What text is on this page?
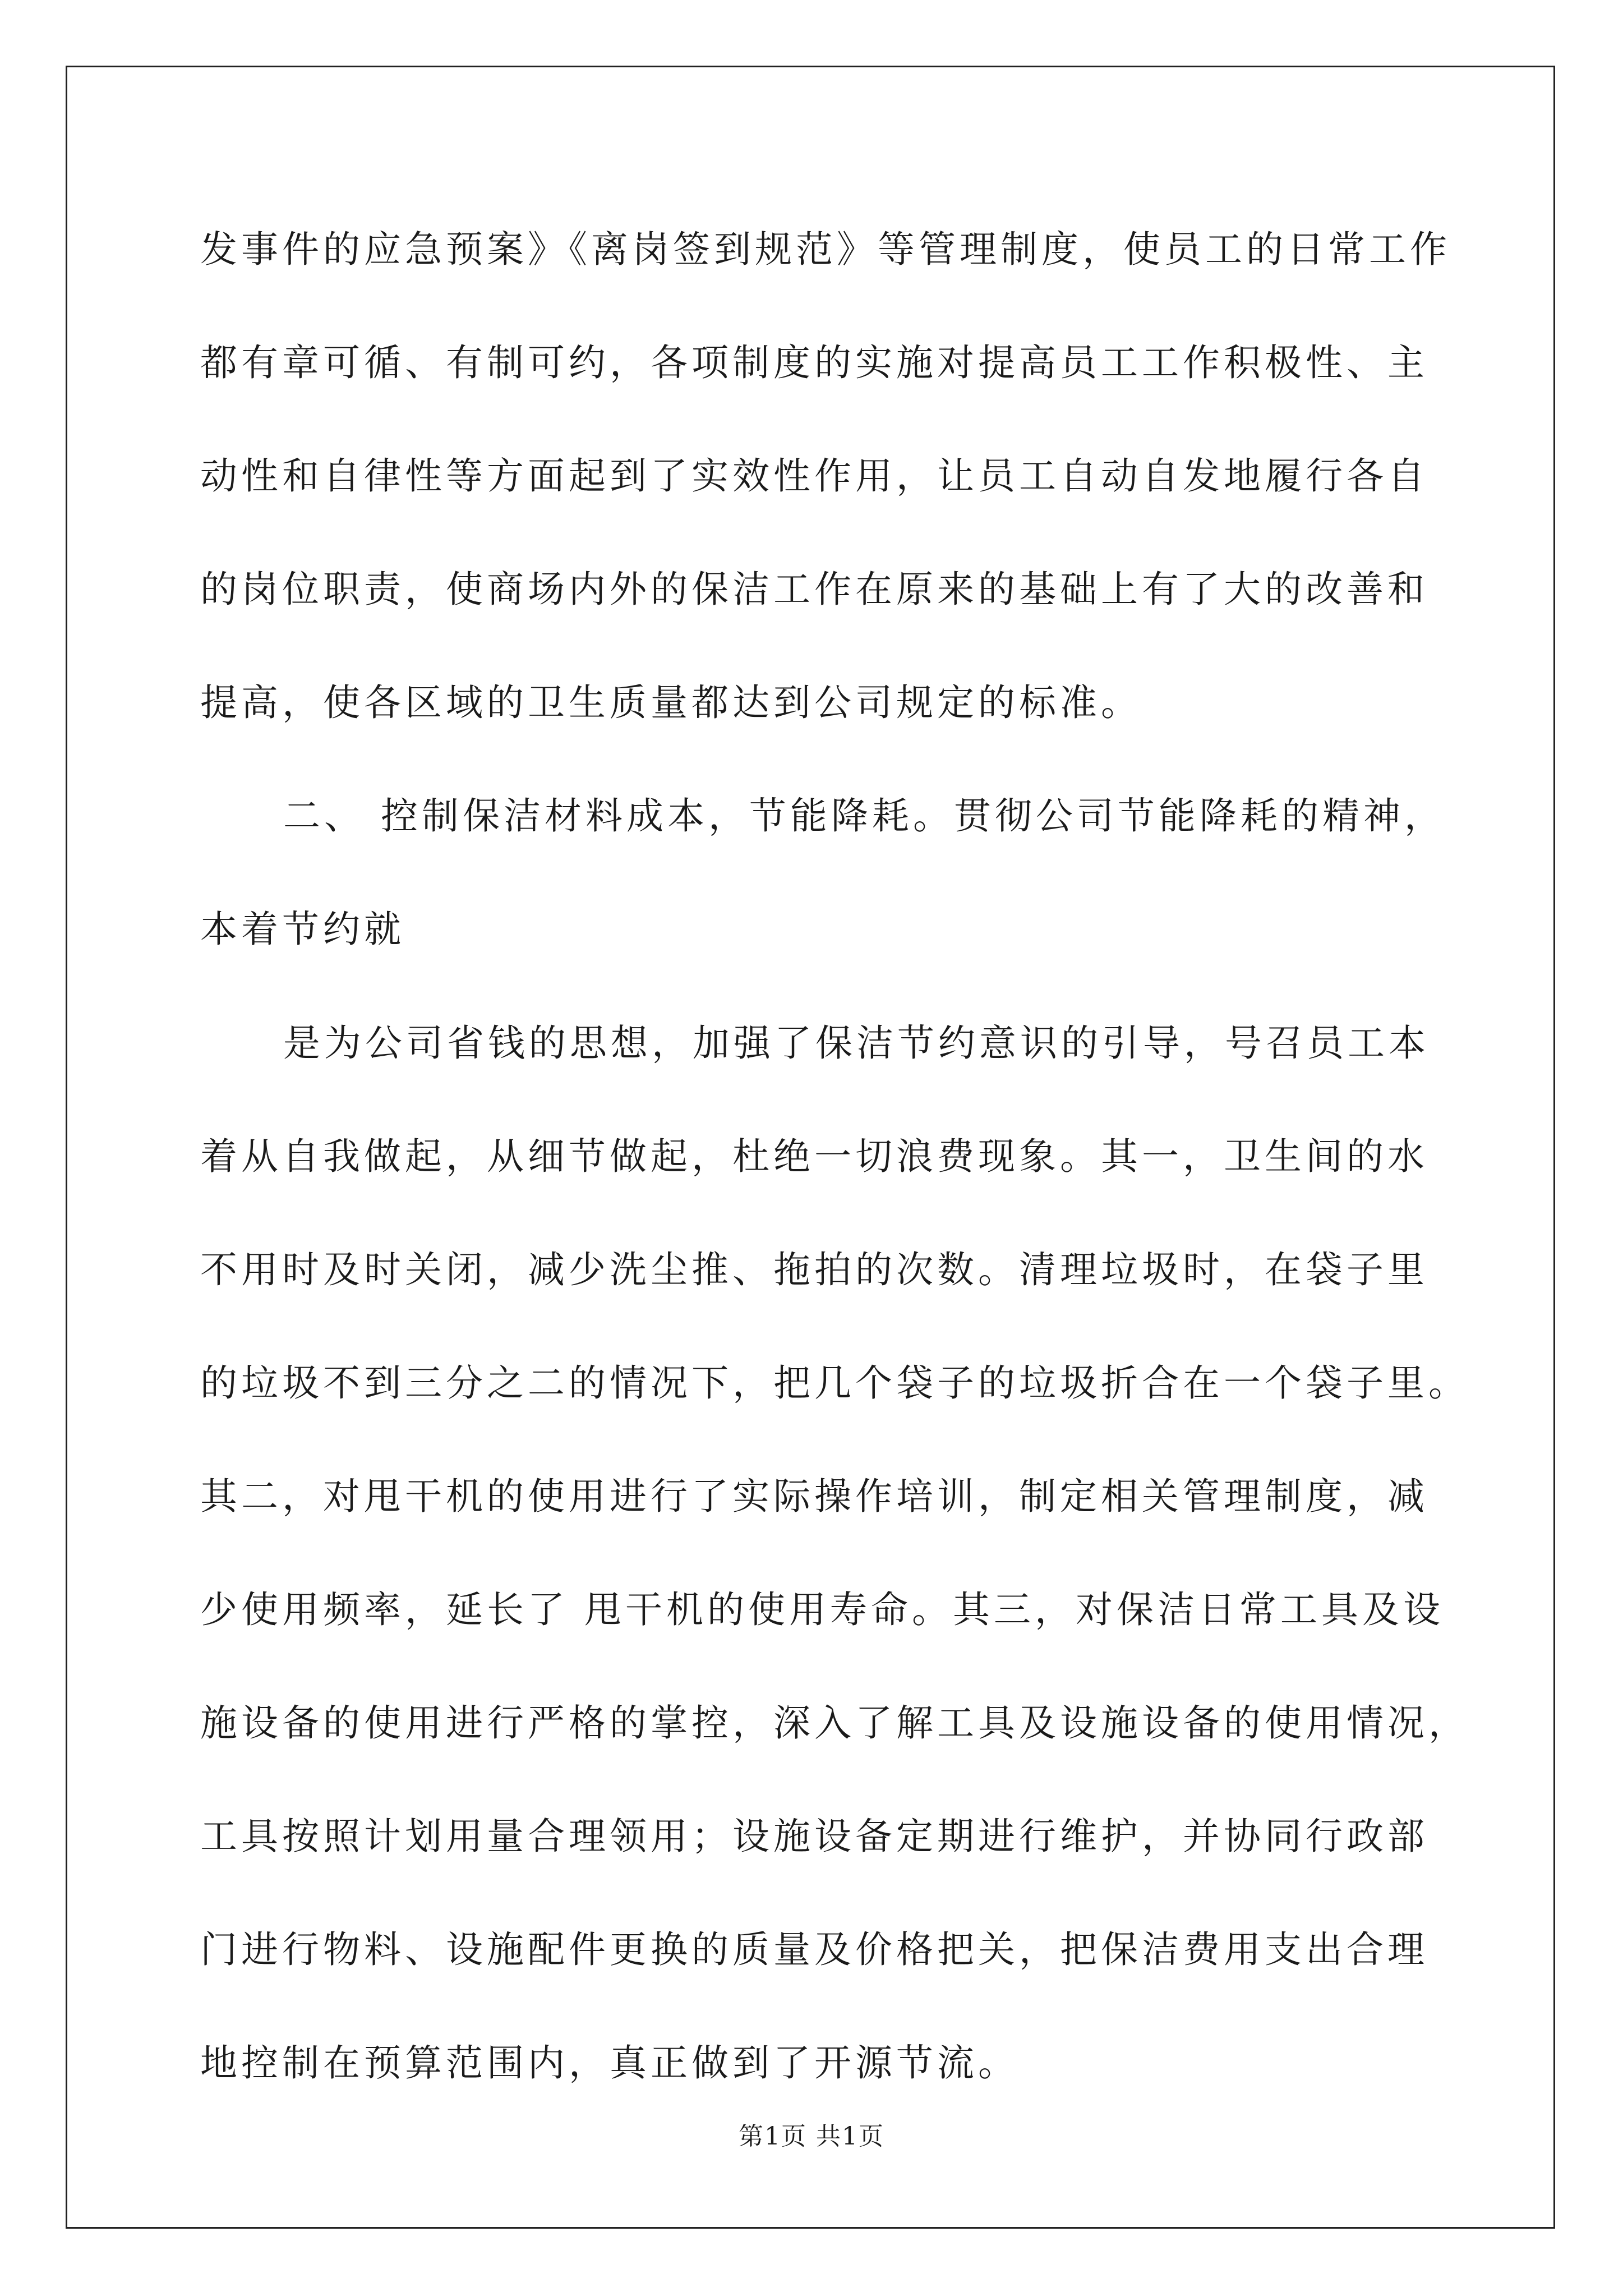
发事件的应急预案》《离岗签到规范》等管理制度，使员工的日常工作
都有章可循、有制可约，各项制度的实施对提高员工工作积极性、主
动性和自律性等方面起到了实效性作用，让员工自动自发地履行各自
的岗位职责，使商场内外的保洁工作在原来的基础上有了大的改善和
提高，使各区域的卫生质量都达到公司规定的标准。
二、 控制保洁材料成本，节能降耗。贯彻公司节能降耗的精神，
本着节约就
是为公司省钱的思想，加强了保洁节约意识的引导，号召员工本
着从自我做起，从细节做起，杜绝一切浪费现象。其一，卫生间的水
不用时及时关闭，减少洗尘推、拖拍的次数。清理垃圾时，在袋子里
的垃圾不到三分之二的情况下，把几个袋子的垃圾折合在一个袋子里。
其二，对甩干机的使用进行了实际操作培训，制定相关管理制度，减
少使用频率，延长了 甩干机的使用寿命。其三，对保洁日常工具及设
施设备的使用进行严格的掌控，深入了解工具及设施设备的使用情况，
工具按照计划用量合理领用；设施设备定期进行维护，并协同行政部
门进行物料、设施配件更换的质量及价格把关，把保洁费用支出合理
地控制在预算范围内，真正做到了开源节流。
第1页 共1页
